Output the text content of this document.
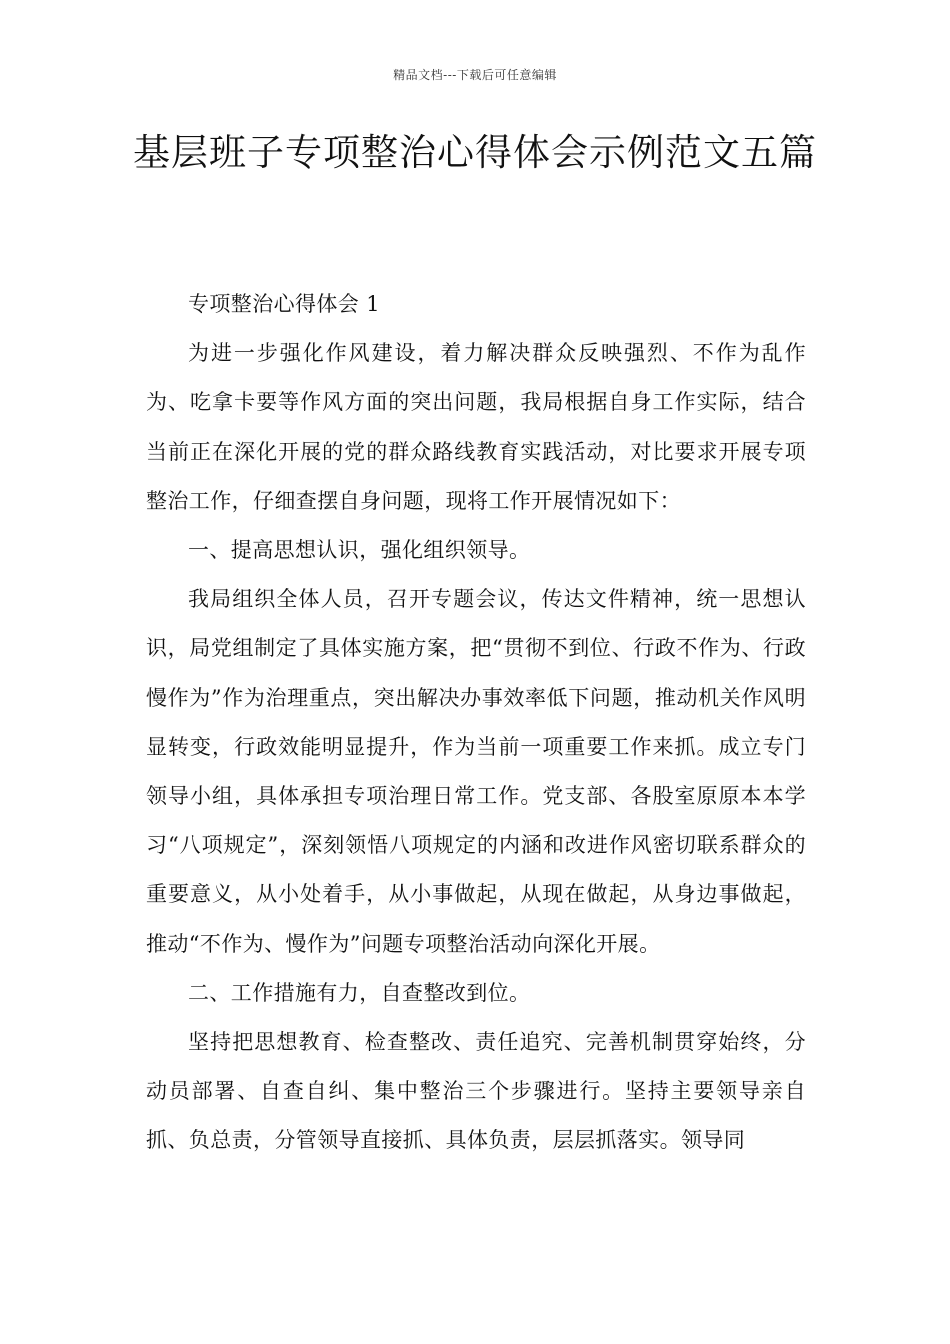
精品文档---下载后可任意编辑
基层班子专项整治心得体会示例范文五篇

专项整治心得体会 1

为进一步强化作风建设，着力解决群众反映强烈、不作为乱作为、吃拿卡要等作风方面的突出问题，我局根据自身工作实际，结合当前正在深化开展的党的群众路线教育实践活动，对比要求开展专项整治工作，仔细查摆自身问题，现将工作开展情况如下：

一、提高思想认识，强化组织领导。

我局组织全体人员，召开专题会议，传达文件精神，统一思想认识，局党组制定了具体实施方案，把“贯彻不到位、行政不作为、行政慢作为”作为治理重点，突出解决办事效率低下问题，推动机关作风明显转变，行政效能明显提升，作为当前一项重要工作来抓。成立专门领导小组，具体承担专项治理日常工作。党支部、各股室原原本本学习“八项规定”，深刻领悟八项规定的内涵和改进作风密切联系群众的重要意义，从小处着手，从小事做起，从现在做起，从身边事做起，推动“不作为、慢作为”问题专项整治活动向深化开展。

二、工作措施有力，自查整改到位。

坚持把思想教育、检查整改、责任追究、完善机制贯穿始终，分动员部署、自查自纠、集中整治三个步骤进行。坚持主要领导亲自抓、负总责，分管领导直接抓、具体负责，层层抓落实。领导同
